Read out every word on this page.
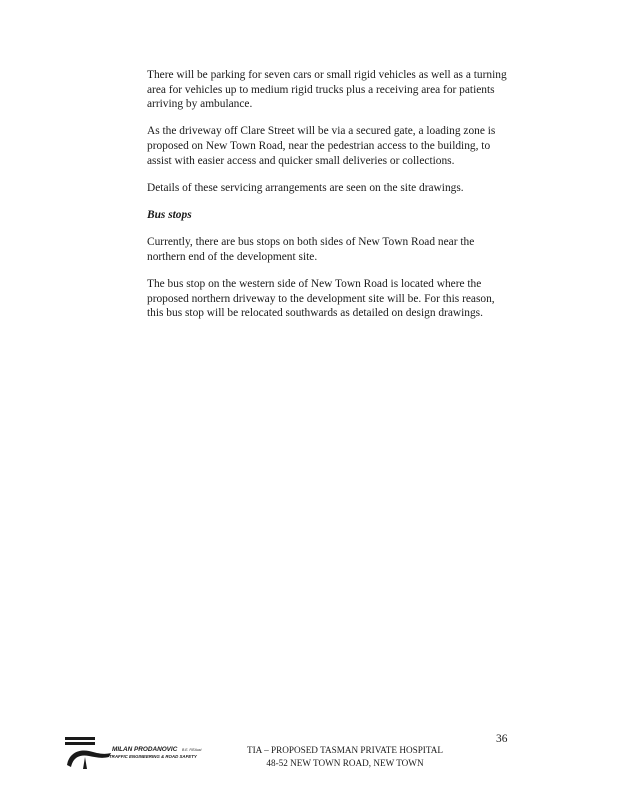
There will be parking for seven cars or small rigid vehicles as well as a turning
area for vehicles up to medium rigid trucks plus a receiving area for patients
arriving by ambulance.

As the driveway off Clare Street will be via a secured gate, a loading zone is
proposed on New Town Road, near the pedestrian access to the building, to
assist with easier access and quicker small deliveries or collections.

Details of these servicing arrangements are seen on the site drawings.

Bus stops

Currently, there are bus stops on both sides of New Town Road near the
northern end of the development site.

The bus stop on the western side of New Town Road is located where the
proposed northern driveway to the development site will be. For this reason,
this bus stop will be relocated southwards as detailed on design drawings.

36
MILAN PRODANOVIC B.E. FIEAust
TRAFFIC ENGINEERING & ROAD SAFETY
TIA – PROPOSED TASMAN PRIVATE HOSPITAL
48-52 NEW TOWN ROAD, NEW TOWN
